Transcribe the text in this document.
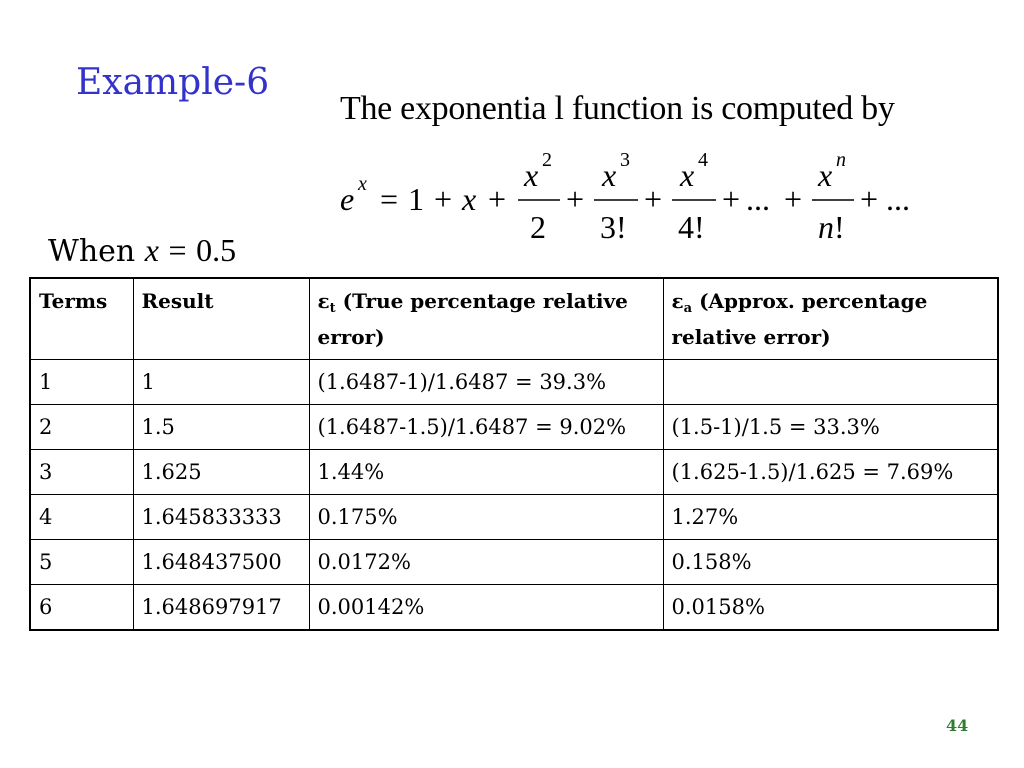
Example-6
The exponentia l function is computed by
e x = 1 + x +
x 2
2
+
x 3
3!
+
x 4
4!
+ ... +
x n
n !
+ ...
When x = 0.5
Terms	Result	$\varepsilon_t$ (True percentage relative error)	$\varepsilon_a$ (Approx. percentage relative error)
1	1	(1.6487-1)/1.6487 = 39.3%	
2	1.5	(1.6487-1.5)/1.6487 = 9.02%	(1.5-1)/1.5 = 33.3%
3	1.625	1.44%	(1.625-1.5)/1.625 = 7.69%
4	1.645833333	0.175%	1.27%
5	1.648437500	0.0172%	0.158%
6	1.648697917	0.00142%	0.0158%
44
